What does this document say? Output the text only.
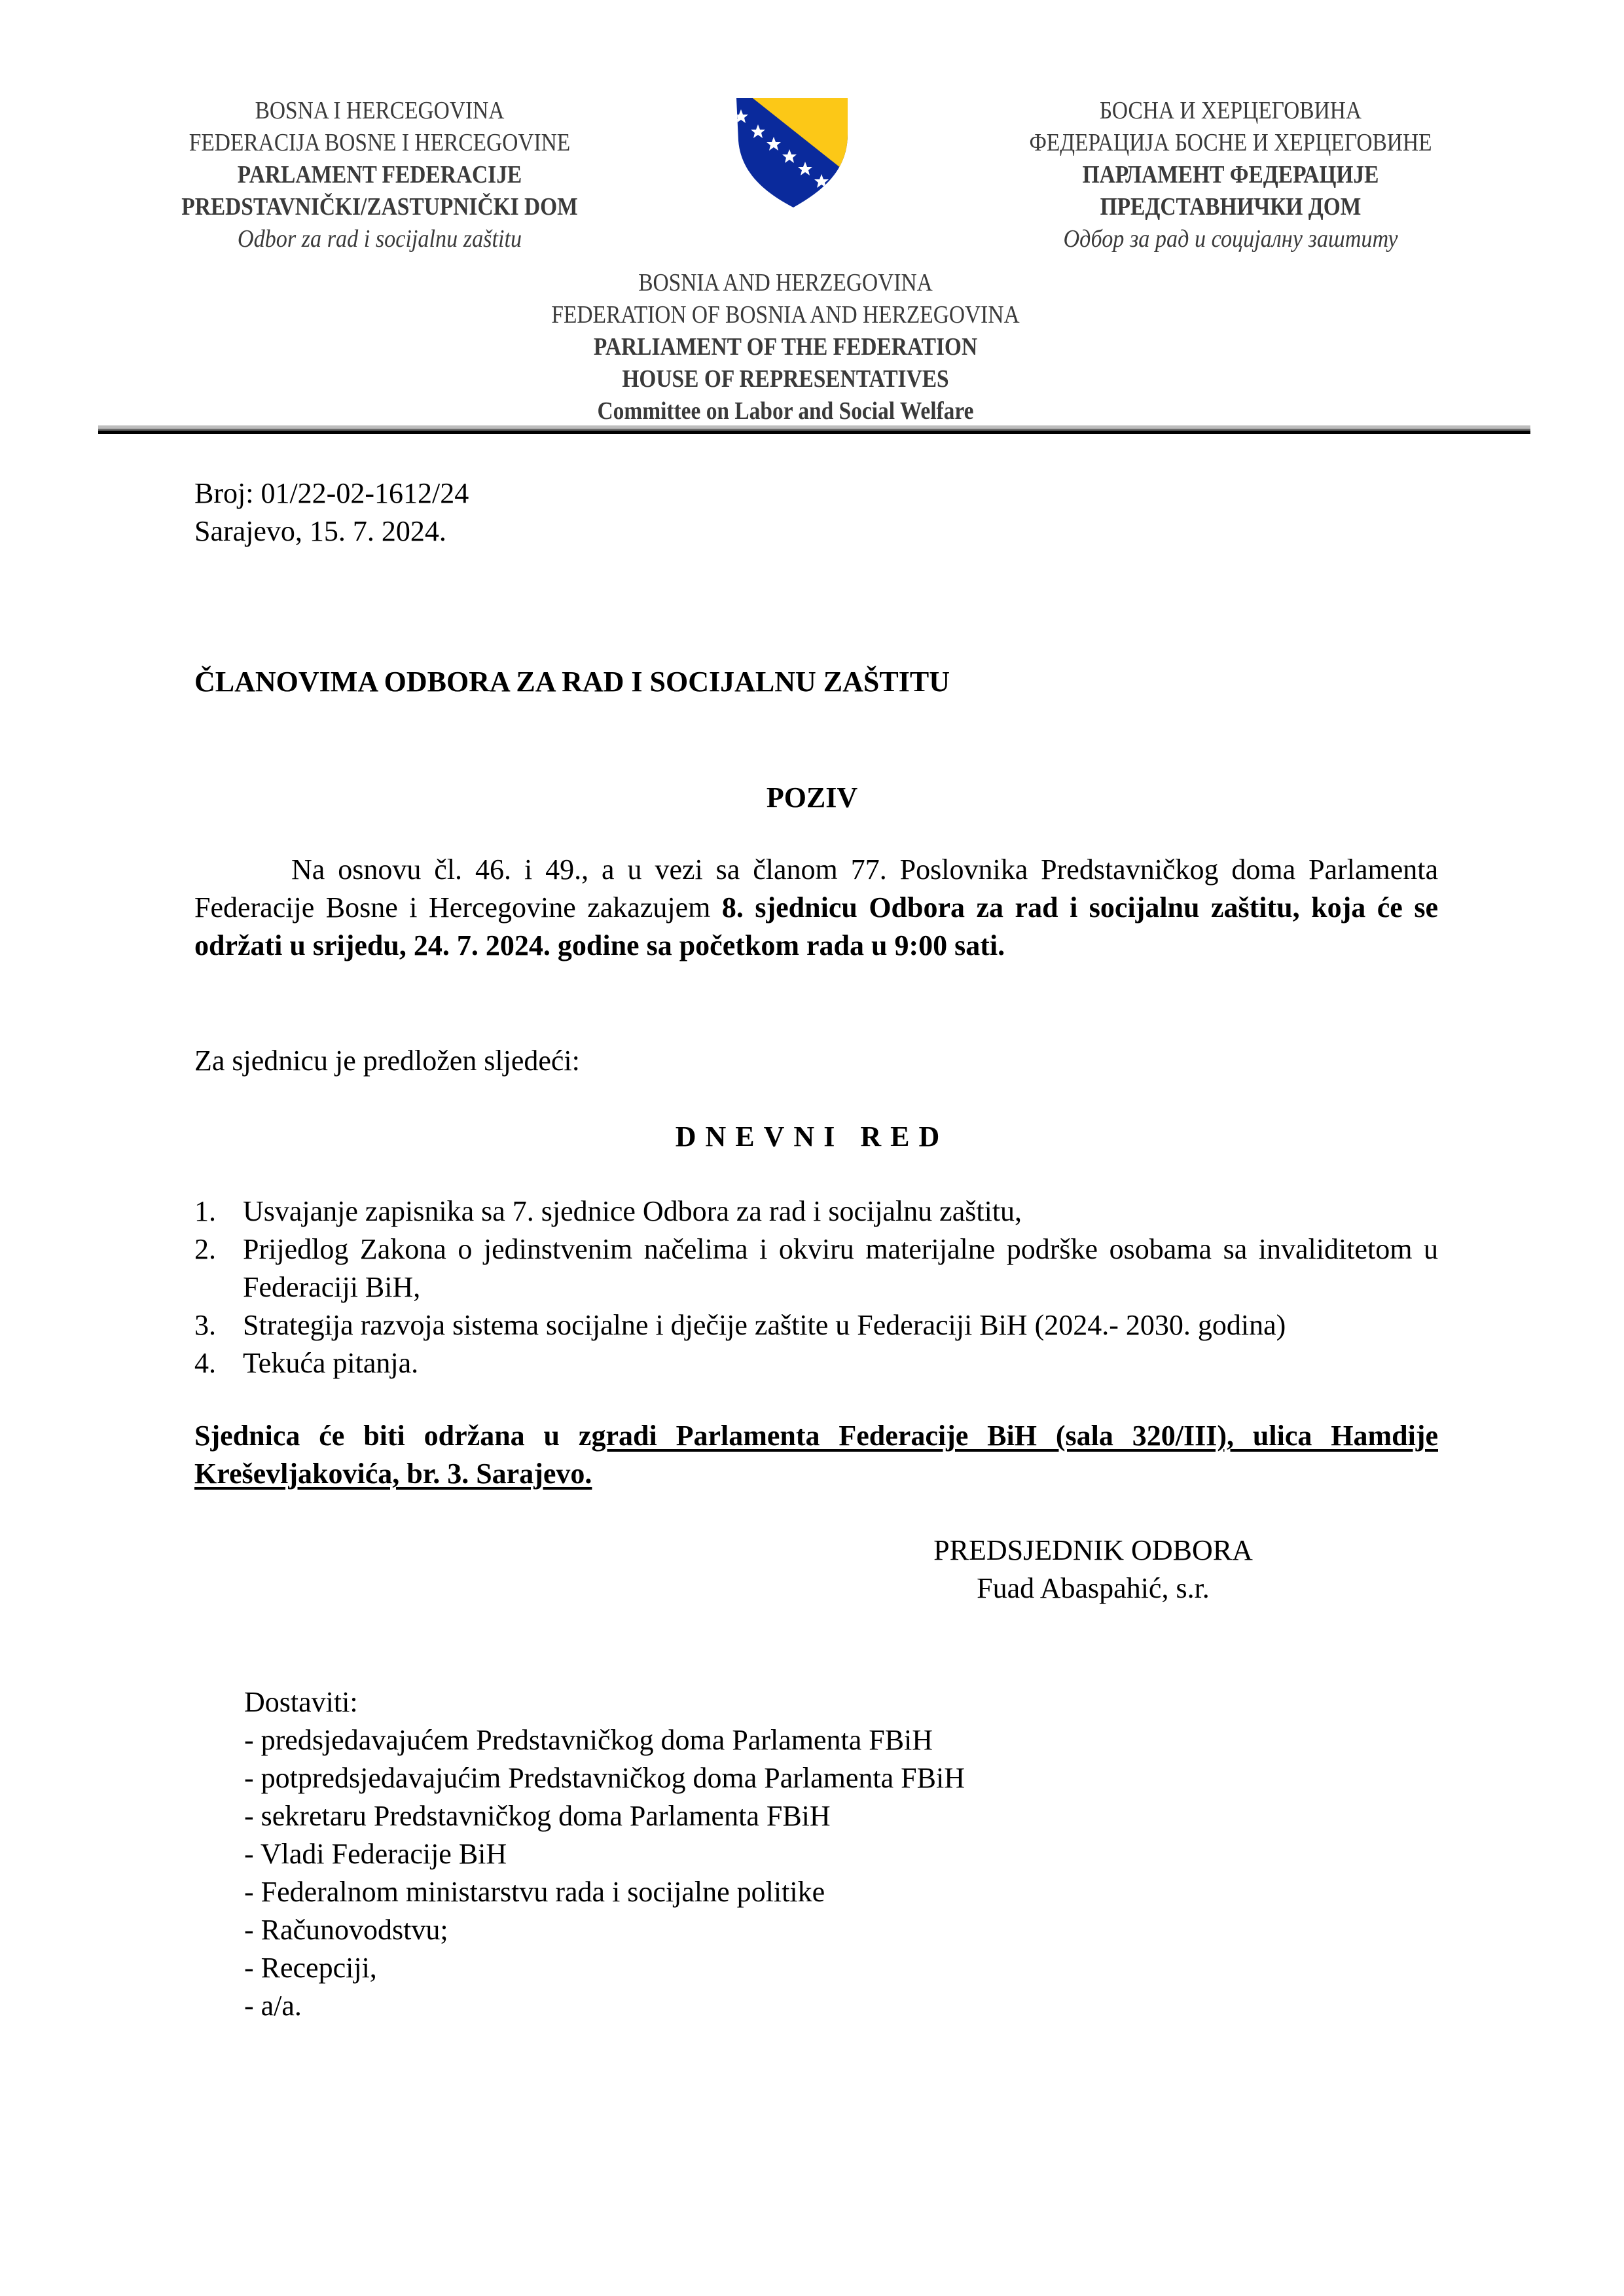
BOSNA I HERCEGOVINA
FEDERACIJA BOSNE I HERCEGOVINE
PARLAMENT FEDERACIJE
PREDSTAVNIČKI/ZASTUPNIČKI DOM
Odbor za rad i socijalnu zaštitu
БОСНА И ХЕРЦЕГОВИНА
ФЕДЕРАЦИЈА БОСНЕ И ХЕРЦЕГОВИНЕ
ПАРЛАМЕНТ ФЕДЕРАЦИЈЕ
ПРЕДСТАВНИЧКИ ДОМ
Одбор за рад и социјалну заштиту
BOSNIA AND HERZEGOVINA
FEDERATION OF BOSNIA AND HERZEGOVINA
PARLIAMENT OF THE FEDERATION
HOUSE OF REPRESENTATIVES
Committee on Labor and Social Welfare
Broj: 01/22-02-1612/24
Sarajevo, 15. 7. 2024.
ČLANOVIMA ODBORA ZA RAD I SOCIJALNU ZAŠTITU
POZIV
Na osnovu čl. 46. i 49., a u vezi sa članom 77. Poslovnika Predstavničkog doma Parlamenta Federacije Bosne i Hercegovine zakazujem 8. sjednicu Odbora za rad i socijalnu zaštitu, koja će se održati u srijedu, 24. 7. 2024. godine sa početkom rada u 9:00 sati.
Za sjednicu je predložen sljedeći:
DNEVNI RED
1. Usvajanje zapisnika sa 7. sjednice Odbora za rad i socijalnu zaštitu,
2. Prijedlog Zakona o jedinstvenim načelima i okviru materijalne podrške osobama sa invaliditetom u Federaciji BiH,
3. Strategija razvoja sistema socijalne i dječije zaštite u Federaciji BiH (2024.- 2030. godina)
4. Tekuća pitanja.
Sjednica će biti održana u zgradi Parlamenta Federacije BiH (sala 320/III), ulica Hamdije Kreševljakovića, br. 3. Sarajevo.
PREDSJEDNIK ODBORA
Fuad Abaspahić, s.r.
Dostaviti:
- predsjedavajućem Predstavničkog doma Parlamenta FBiH
- potpredsjedavajućim Predstavničkog doma Parlamenta FBiH
- sekretaru Predstavničkog doma Parlamenta FBiH
- Vladi Federacije BiH
- Federalnom ministarstvu rada i socijalne politike
- Računovodstvu;
- Recepciji,
- a/a.
